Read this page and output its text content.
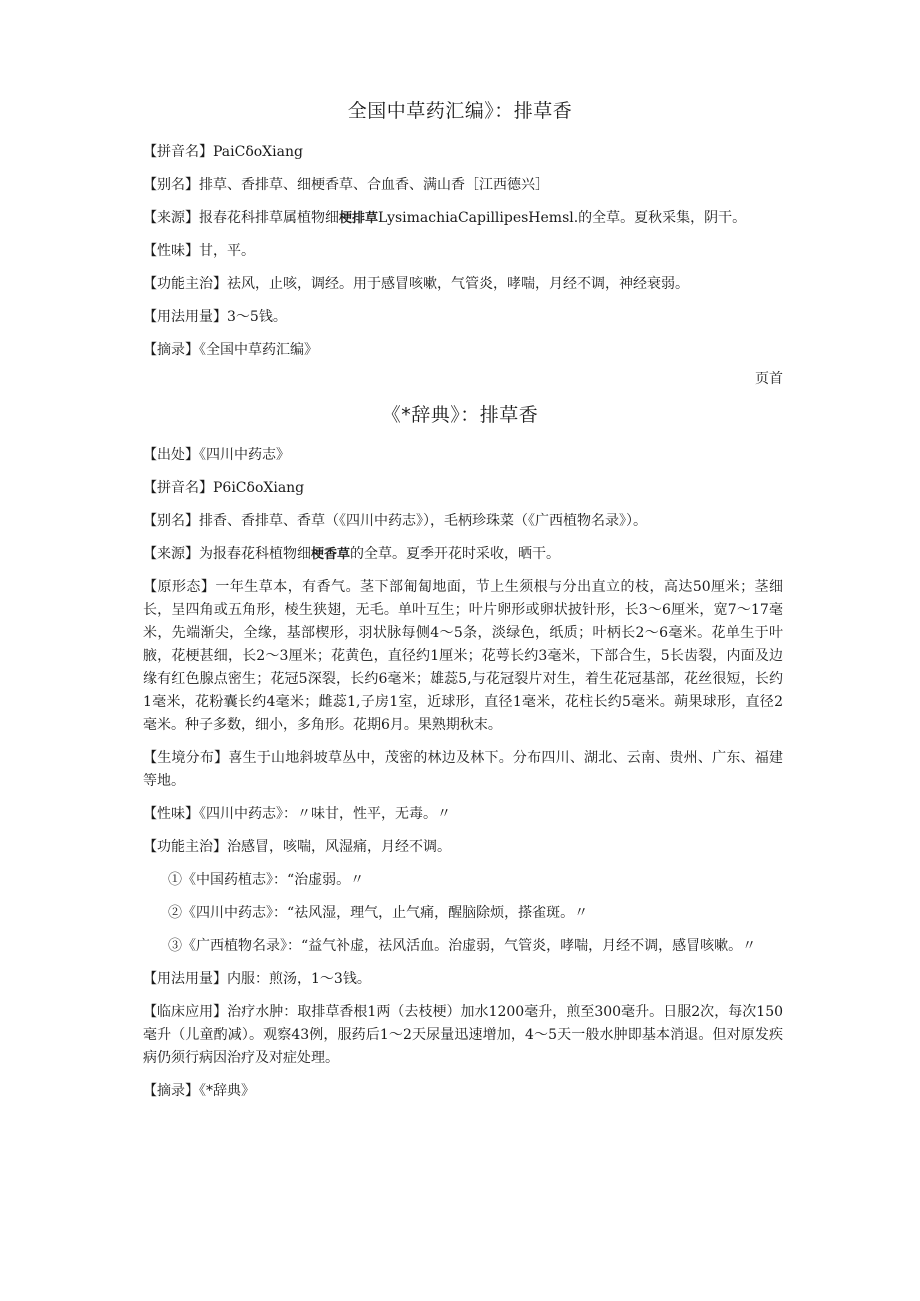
全国中草药汇编》：排草香

【拼音名】PaiCδoXiang

【别名】排草、香排草、细梗香草、合血香、满山香［江西德兴］

【来源】报春花科排草属植物细梗排草LysimachiaCapillipesHemsl.的全草。夏秋采集，阴干。

【性味】甘，平。

【功能主治】祛风，止咳，调经。用于感冒咳嗽，气管炎，哮喘，月经不调，神经衰弱。

【用法用量】3～5钱。

【摘录】《全国中草药汇编》

页首
《*辞典》：排草香

【出处】《四川中药志》

【拼音名】P6iCδoXiang

【别名】排香、香排草、香草（《四川中药志》），毛柄珍珠菜（《广西植物名录》）。

【来源】为报春花科植物细梗香草的全草。夏季开花时采收，晒干。

【原形态】一年生草本，有香气。茎下部匍匐地面，节上生须根与分出直立的枝，高达50厘米；茎细长，呈四角或五角形，棱生狭翅，无毛。单叶互生；叶片卵形或卵状披针形，长3～6厘米，宽7～17毫米，先端渐尖，全缘，基部楔形，羽状脉每侧4～5条，淡绿色，纸质；叶柄长2～6毫米。花单生于叶腋，花梗甚细，长2～3厘米；花黄色，直径约1厘米；花萼长约3毫米，下部合生，5长齿裂，内面及边缘有红色腺点密生；花冠5深裂，长约6毫米；雄蕊5,与花冠裂片对生，着生花冠基部，花丝很短，长约1毫米，花粉囊长约4毫米；雌蕊1,子房1室，近球形，直径1毫米，花柱长约5毫米。蒴果球形，直径2毫米。种子多数，细小，多角形。花期6月。果熟期秋末。

【生境分布】喜生于山地斜坡草丛中，茂密的林边及林下。分布四川、湖北、云南、贵州、广东、福建等地。

【性味】《四川中药志》：〃味甘，性平，无毒。〃

【功能主治】治感冒，咳喘，风湿痛，月经不调。

①《中国药植志》：“治虚弱。〃

②《四川中药志》：“祛风湿，理气，止气痛，醒脑除烦，搽雀斑。〃

③《广西植物名录》：“益气补虚，祛风活血。治虚弱，气管炎，哮喘，月经不调，感冒咳嗽。〃

【用法用量】内服：煎汤，1～3钱。

【临床应用】治疗水肿：取排草香根1两（去枝梗）加水1200毫升，煎至300毫升。日服2次，每次150毫升（儿童酌减）。观察43例，服药后1～2天尿量迅速增加，4～5天一般水肿即基本消退。但对原发疾病仍须行病因治疗及对症处理。

【摘录】《*辞典》
